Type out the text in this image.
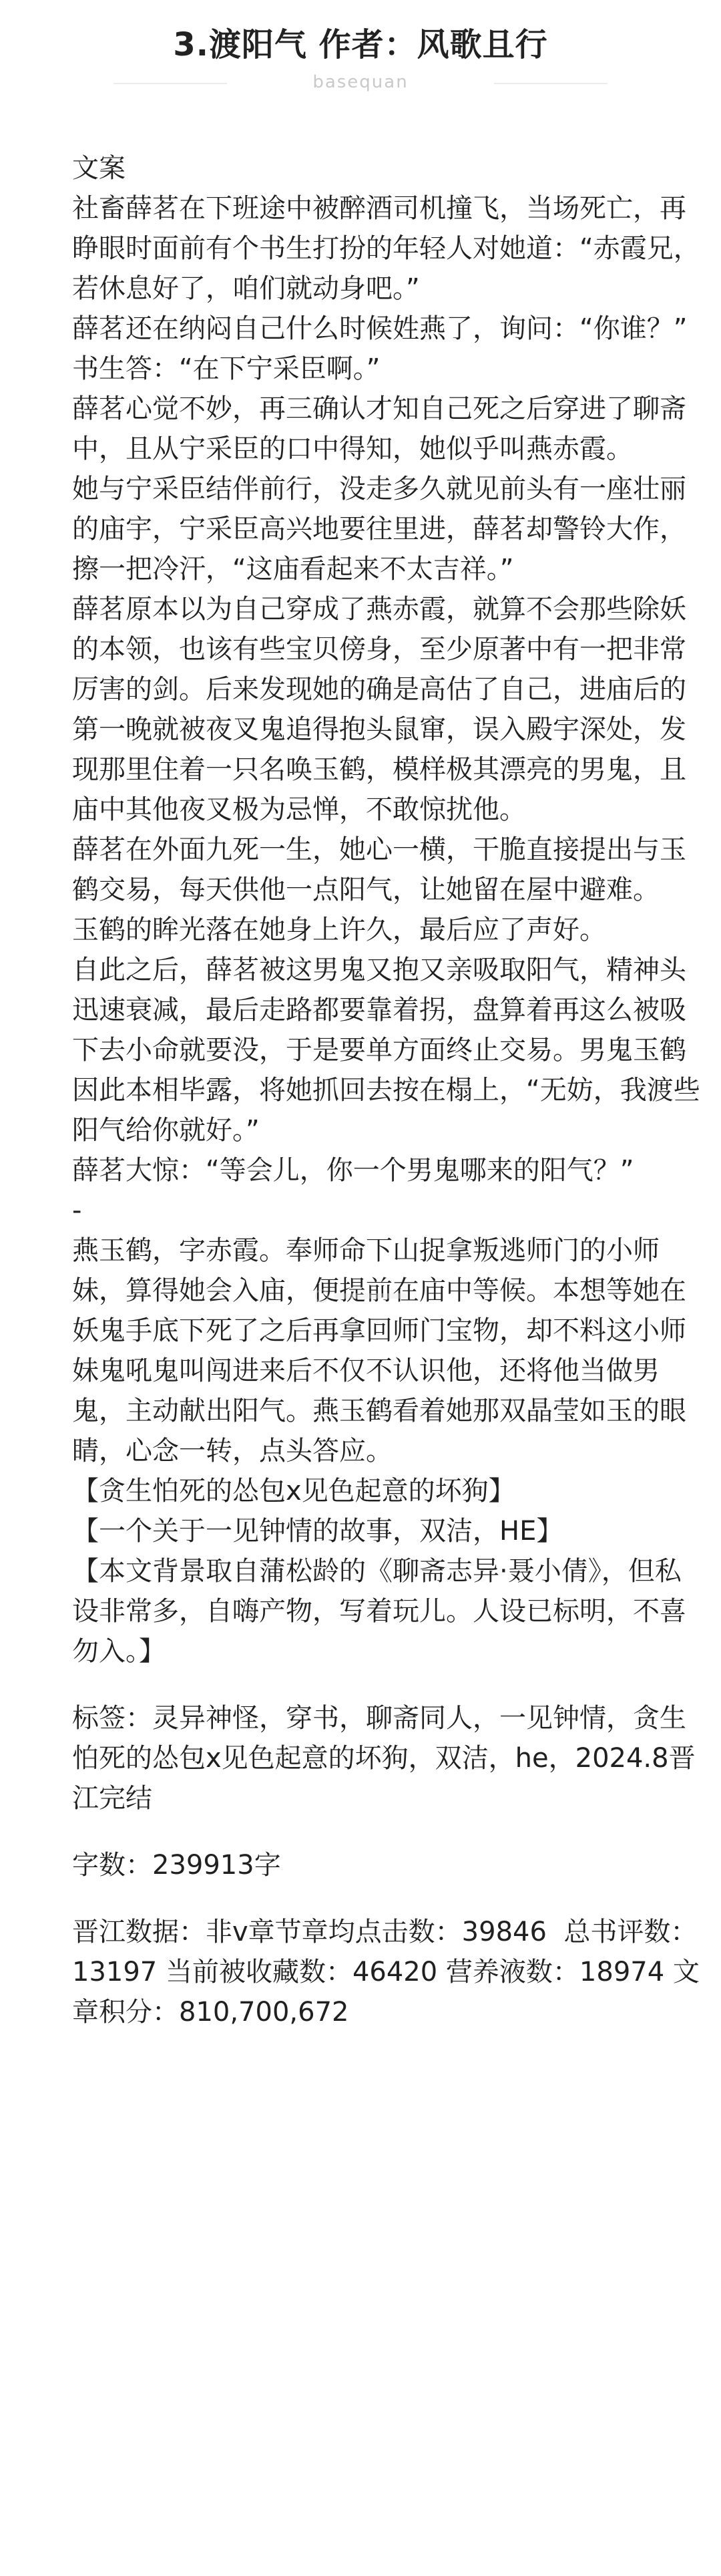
3.渡阳气 作者：风歌且行
basequan

文案

社畜薛茗在下班途中被醉酒司机撞飞，当场死亡，再睁眼时面前有个书生打扮的年轻人对她道：“赤霞兄，若休息好了，咱们就动身吧。”

薛茗还在纳闷自己什么时候姓燕了，询问：“你谁？”

书生答：“在下宁采臣啊。”

薛茗心觉不妙，再三确认才知自己死之后穿进了聊斋中，且从宁采臣的口中得知，她似乎叫燕赤霞。

她与宁采臣结伴前行，没走多久就见前头有一座壮丽的庙宇，宁采臣高兴地要往里进，薛茗却警铃大作，擦一把冷汗，“这庙看起来不太吉祥。”

薛茗原本以为自己穿成了燕赤霞，就算不会那些除妖的本领，也该有些宝贝傍身，至少原著中有一把非常厉害的剑。后来发现她的确是高估了自己，进庙后的第一晚就被夜叉鬼追得抱头鼠窜，误入殿宇深处，发现那里住着一只名唤玉鹤，模样极其漂亮的男鬼，且庙中其他夜叉极为忌惮，不敢惊扰他。

薛茗在外面九死一生，她心一横，干脆直接提出与玉鹤交易，每天供他一点阳气，让她留在屋中避难。

玉鹤的眸光落在她身上许久，最后应了声好。

自此之后，薛茗被这男鬼又抱又亲吸取阳气，精神头迅速衰减，最后走路都要靠着拐，盘算着再这么被吸下去小命就要没，于是要单方面终止交易。男鬼玉鹤因此本相毕露，将她抓回去按在榻上，“无妨，我渡些阳气给你就好。”

薛茗大惊：“等会儿，你一个男鬼哪来的阳气？”

-

燕玉鹤，字赤霞。奉师命下山捉拿叛逃师门的小师妹，算得她会入庙，便提前在庙中等候。本想等她在妖鬼手底下死了之后再拿回师门宝物，却不料这小师妹鬼吼鬼叫闯进来后不仅不认识他，还将他当做男鬼，主动献出阳气。燕玉鹤看着她那双晶莹如玉的眼睛，心念一转，点头答应。

【贪生怕死的怂包x见色起意的坏狗】

【一个关于一见钟情的故事，双洁，HE】

【本文背景取自蒲松龄的《聊斋志异·聂小倩》，但私设非常多，自嗨产物，写着玩儿。人设已标明，不喜勿入。】

标签：灵异神怪，穿书，聊斋同人，一见钟情，贪生怕死的怂包x见色起意的坏狗，双洁，he，2024.8晋江完结

字数：239913字

晋江数据：非v章节章均点击数：39846  总书评数：13197 当前被收藏数：46420 营养液数：18974 文章积分：810,700,672
